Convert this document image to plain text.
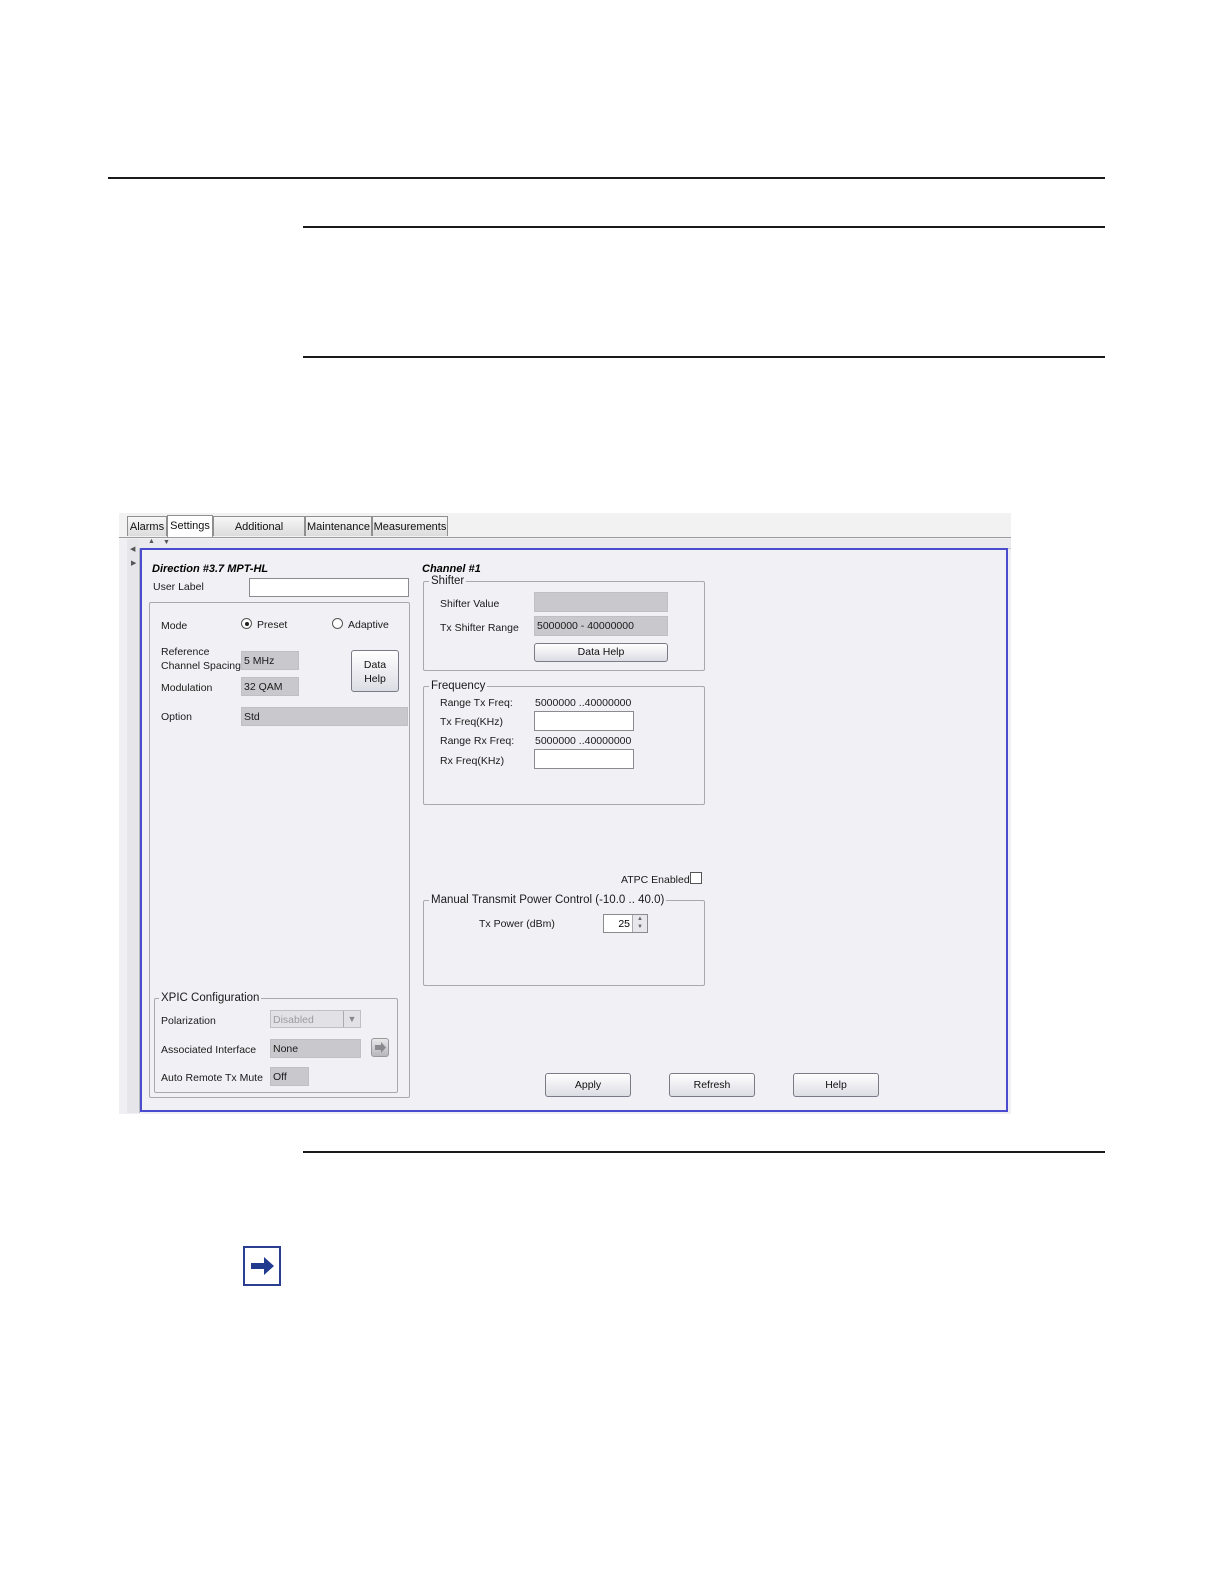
Alarms Settings	Additional	Maintenance Measurements
◀
▶
▲ ▼
Direction #3.7 MPT-HL
User Label
Mode	Preset	Adaptive
Reference
Channel Spacing 5 MHz
Modulation	32 QAM
Data
Help
Option	Std
XPIC Configuration
Polarization	Disabled	▼
Associated Interface None
Auto Remote Tx Mute Off
Channel #1
Shifter
Shifter Value
Tx Shifter Range 5000000 - 40000000
Data Help
Frequency
Range Tx Freq: 5000000 ..40000000
Tx Freq(KHz)
Range Rx Freq: 5000000 ..40000000
Rx Freq(KHz)
ATPC Enabled
Manual Transmit Power Control (-10.0 .. 40.0)
Tx Power (dBm)	25	▲
▼
Apply	Refresh	Help
